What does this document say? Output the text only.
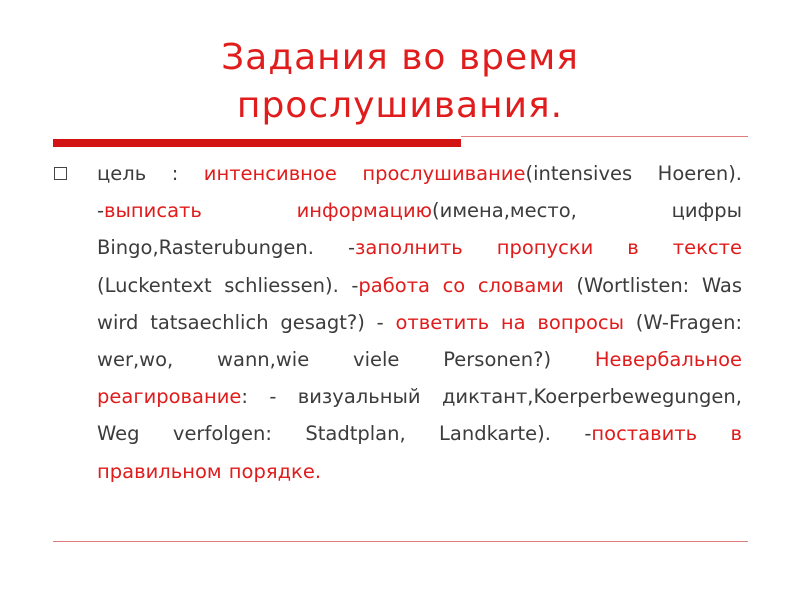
Задания во время
прослушивания.
цель : интенсивное прослушивание(intensives Hoeren). -выписать информацию(имена,место, цифры Bingo,Rasterubungen. -заполнить пропуски в тексте (Luckentext schliessen). -работа со словами (Wortlisten: Was wird tatsaechlich gesagt?) - ответить на вопросы (W-Fragen: wer,wo, wann,wie viele Personen?) Невербальное реагирование: - визуальный диктант,Koerperbewegungen, Weg verfolgen: Stadtplan, Landkarte). -поставить в правильном порядке.
